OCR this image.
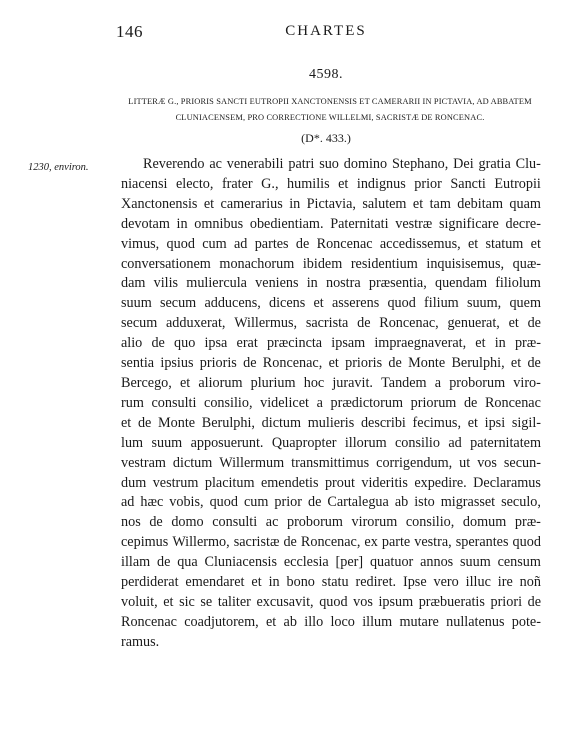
146	CHARTES
4598.
LITTERÆ G., PRIORIS SANCTI EUTROPII XANCTONENSIS ET CAMERARII IN PICTAVIA, AD ABBATEM
CLUNIACENSEM, PRO CORRECTIONE WILLELMI, SACRISTÆ DE RONCENAC.
(D*. 433.)
1230, environ.	Reverendo ac venerabili patri suo domino Stephano, Dei gratia Clu-
niacensi electo, frater G., humilis et indignus prior Sancti Eutropii
Xanctonensis et camerarius in Pictavia, salutem et tam debitam quam
devotam in omnibus obedientiam. Paternitati vestræ significare decre-
vimus, quod cum ad partes de Roncenac accedissemus, et statum et
conversationem monachorum ibidem residentium inquisisemus, quæ-
dam vilis muliercula veniens in nostra præsentia, quendam filiolum
suum secum adducens, dicens et asserens quod filium suum, quem
secum adduxerat, Willermus, sacrista de Roncenac, genuerat, et de
alio de quo ipsa erat præcincta ipsam impraegnaverat, et in præ-
sentia ipsius prioris de Roncenac, et prioris de Monte Berulphi, et de
Bercego, et aliorum plurium hoc juravit. Tandem a proborum viro-
rum consulti consilio, videlicet a prædictorum priorum de Roncenac
et de Monte Berulphi, dictum mulieris describi fecimus, et ipsi sigil-
lum suum apposuerunt. Quapropter illorum consilio ad paternitatem
vestram dictum Willermum transmittimus corrigendum, ut vos secun-
dum vestrum placitum emendetis prout videritis expedire. Declaramus
ad hæc vobis, quod cum prior de Cartalegua ab isto migrasset seculo,
nos de domo consulti ac proborum virorum consilio, domum præ-
cepimus Willermo, sacristæ de Roncenac, ex parte vestra, sperantes quod
illam de qua Cluniacensis ecclesia [per] quatuor annos suum censum
perdiderat emendaret et in bono statu rediret. Ipse vero illuc ire noñ
voluit, et sic se taliter excusavit, quod vos ipsum præbueratis priori de
Roncenac coadjutorem, et ab illo loco illum mutare nullatenus pote-
ramus.
